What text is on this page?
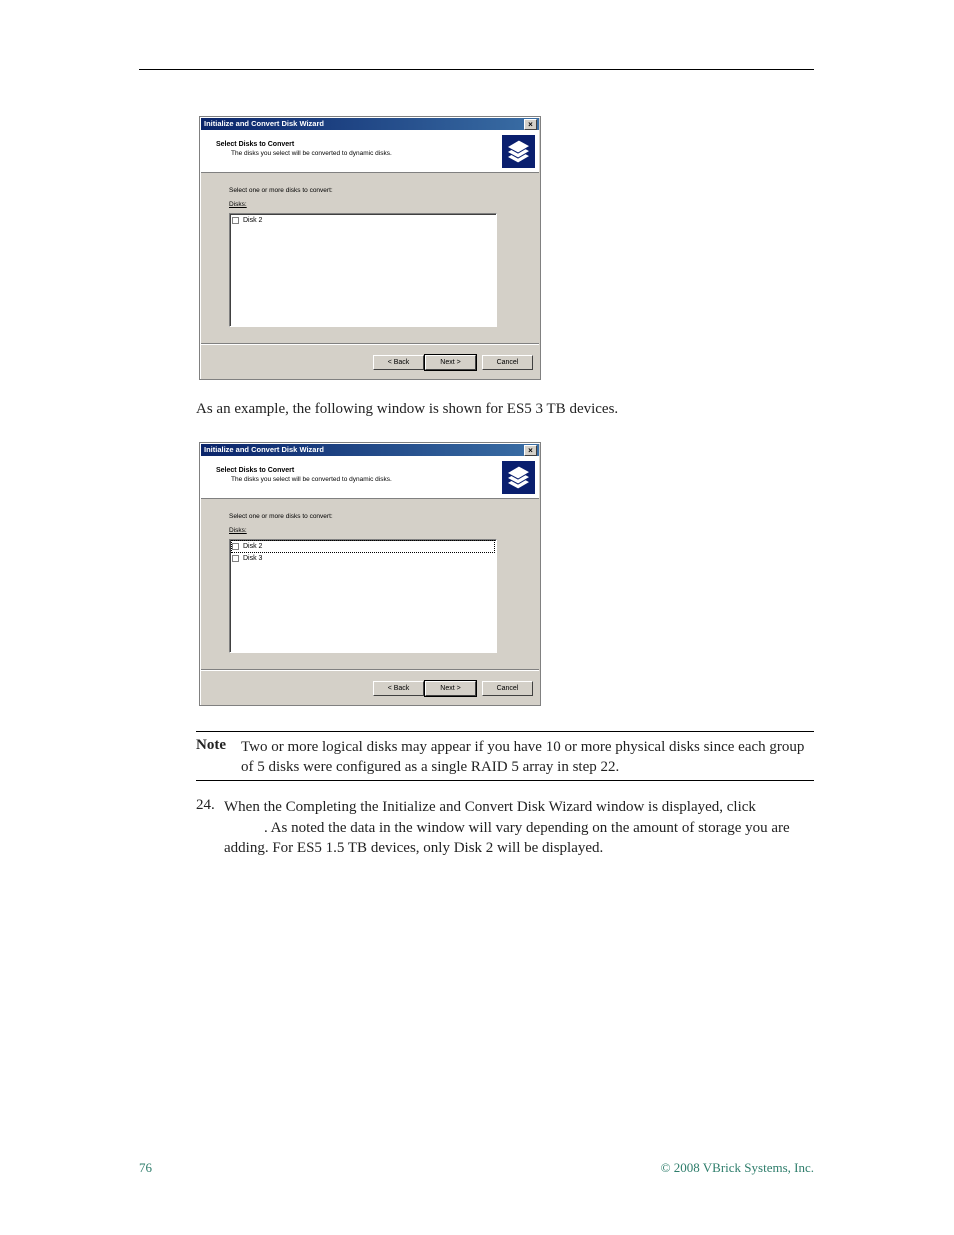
Initialize and Convert Disk Wizard	×
Select Disks to Convert
The disks you select will be converted to dynamic disks.
Select one or more disks to convert:
Disks:
Disk 2
< Back	Next >	Cancel
As an example, the following window is shown for ES5 3 TB devices.
Initialize and Convert Disk Wizard	×
Select Disks to Convert
The disks you select will be converted to dynamic disks.
Select one or more disks to convert:
Disks:
Disk 2
Disk 3
< Back	Next >	Cancel
Note Two or more logical disks may appear if you have 10 or more physical disks since each group of 5 disks were configured as a single RAID 5 array in step 22.
24. When the Completing the Initialize and Convert Disk Wizard window is displayed, click
. As noted the data in the window will vary depending on the amount of storage you are adding. For ES5 1.5 TB devices, only Disk 2 will be displayed.
76	© 2008 VBrick Systems, Inc.
